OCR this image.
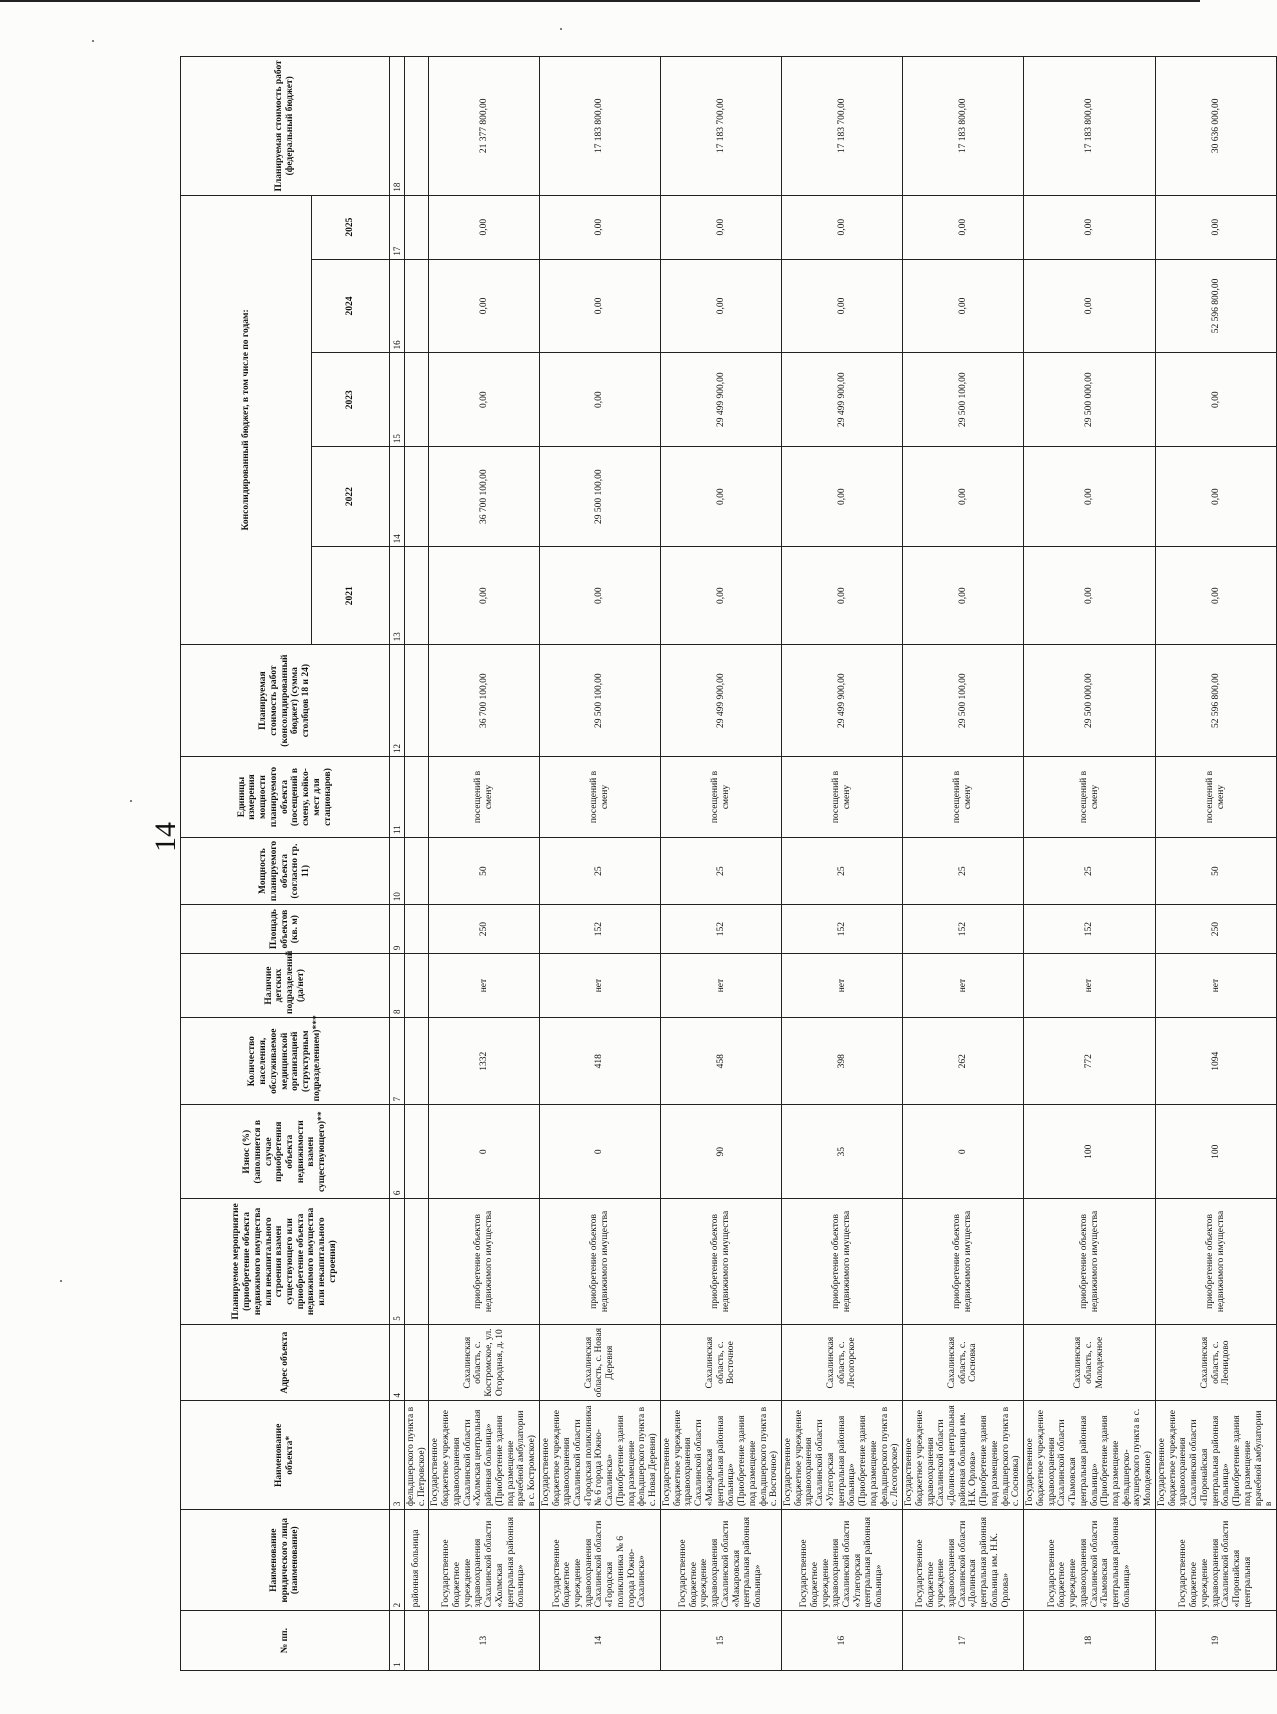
14
№ пп.	Наименование юридического лица (наименование)	Наименование объекта*	Адрес объекта	Планируемое мероприятие (приобретение объекта недвижимого имущества или некапитального строения взамен существующего или приобретение объекта недвижимого имущества или некапитального строения)	Износ (%) (заполняется в случае приобретения объекта недвижимости взамен существующего)**	Количество населения, обслуживаемое медицинской организацией (структурным подразделением)***	Наличие детских подразделений (да/нет)	Площадь объектов (кв. м)	Мощность планируемого объекта (согласно гр. 11)	Единицы измерения мощности планируемого объекта (посещений в смену, койко-мест для стационаров)	Планируемая стоимость работ (консолидированный бюджет) (сумма столбцов 18 и 24)	Консолидированный бюджет, в том числе по годам:					Планируемая стоимость работ (федеральный бюджет)
												2021	2022	2023	2024	2025	
1	2	3	4	5	6	7	8	9	10	11	12	13	14	15	16	17	18
	районная больница	фельдшерского пункта в с. Петровское)															
13	Государственное бюджетное учреждение здравоохранения Сахалинской области «Холмская центральная районная больница»	Государственное бюджетное учреждение здравоохранения Сахалинской области «Холмская центральная районная больница» (Приобретение здания под размещение врачебной амбулатории в с. Костромское)	Сахалинская область, с. Костромское, ул. Огородная, д. 10	приобретение объектов недвижимого имущества	0	1332	нет	250	50	посещений в смену	36 700 100,00	0,00	36 700 100,00	0,00	0,00	0,00	21 377 800,00
14	Государственное бюджетное учреждение здравоохранения Сахалинской области «Городская поликлиника № 6 города Южно-Сахалинска»	Государственное бюджетное учреждение здравоохранения Сахалинской области «Городская поликлиника № 6 города Южно-Сахалинска» (Приобретение здания под размещение фельдшерского пункта в с. Новая Деревня)	Сахалинская область, с. Новая Деревня	приобретение объектов недвижимого имущества	0	418	нет	152	25	посещений в смену	29 500 100,00	0,00	29 500 100,00	0,00	0,00	0,00	17 183 800,00
15	Государственное бюджетное учреждение здравоохранения Сахалинской области «Макаровская центральная районная больница»	Государственное бюджетное учреждение здравоохранения Сахалинской области «Макаровская центральная районная больница» (Приобретение здания под размещение фельдшерского пункта в с. Восточное)	Сахалинская область, с. Восточное	приобретение объектов недвижимого имущества	90	458	нет	152	25	посещений в смену	29 499 900,00	0,00	0,00	29 499 900,00	0,00	0,00	17 183 700,00
16	Государственное бюджетное учреждение здравоохранения Сахалинской области «Углегорская центральная районная больница»	Государственное бюджетное учреждение здравоохранения Сахалинской области «Углегорская центральная районная больница» (Приобретение здания под размещение фельдшерского пункта в с. Лесогорское)	Сахалинская область, с. Лесогорское	приобретение объектов недвижимого имущества	35	398	нет	152	25	посещений в смену	29 499 900,00	0,00	0,00	29 499 900,00	0,00	0,00	17 183 700,00
17	Государственное бюджетное учреждение здравоохранения Сахалинской области «Долинская центральная районная больница им. Н.К. Орлова»	Государственное бюджетное учреждение здравоохранения Сахалинской области «Долинская центральная районная больница им. Н.К. Орлова» (Приобретение здания под размещение фельдшерского пункта в с. Сосновка)	Сахалинская область, с. Сосновка	приобретение объектов недвижимого имущества	0	262	нет	152	25	посещений в смену	29 500 100,00	0,00	0,00	29 500 100,00	0,00	0,00	17 183 800,00
18	Государственное бюджетное учреждение здравоохранения Сахалинской области «Тымовская центральная районная больница»	Государственное бюджетное учреждение здравоохранения Сахалинской области «Тымовская центральная районная больница» (Приобретение здания под размещение фельдшерско-акушерского пункта в с. Молодежное)	Сахалинская область, с. Молодежное	приобретение объектов недвижимого имущества	100	772	нет	152	25	посещений в смену	29 500 000,00	0,00	0,00	29 500 000,00	0,00	0,00	17 183 800,00
19	Государственное бюджетное учреждение здравоохранения Сахалинской области «Поронайская центральная	Государственное бюджетное учреждение здравоохранения Сахалинской области «Поронайская центральная районная больница» (Приобретение здания под размещение врачебной амбулатории в	Сахалинская область, с. Леонидово	приобретение объектов недвижимого имущества	100	1094	нет	250	50	посещений в смену	52 596 800,00	0,00	0,00	0,00	52 596 800,00	0,00	30 636 000,00
